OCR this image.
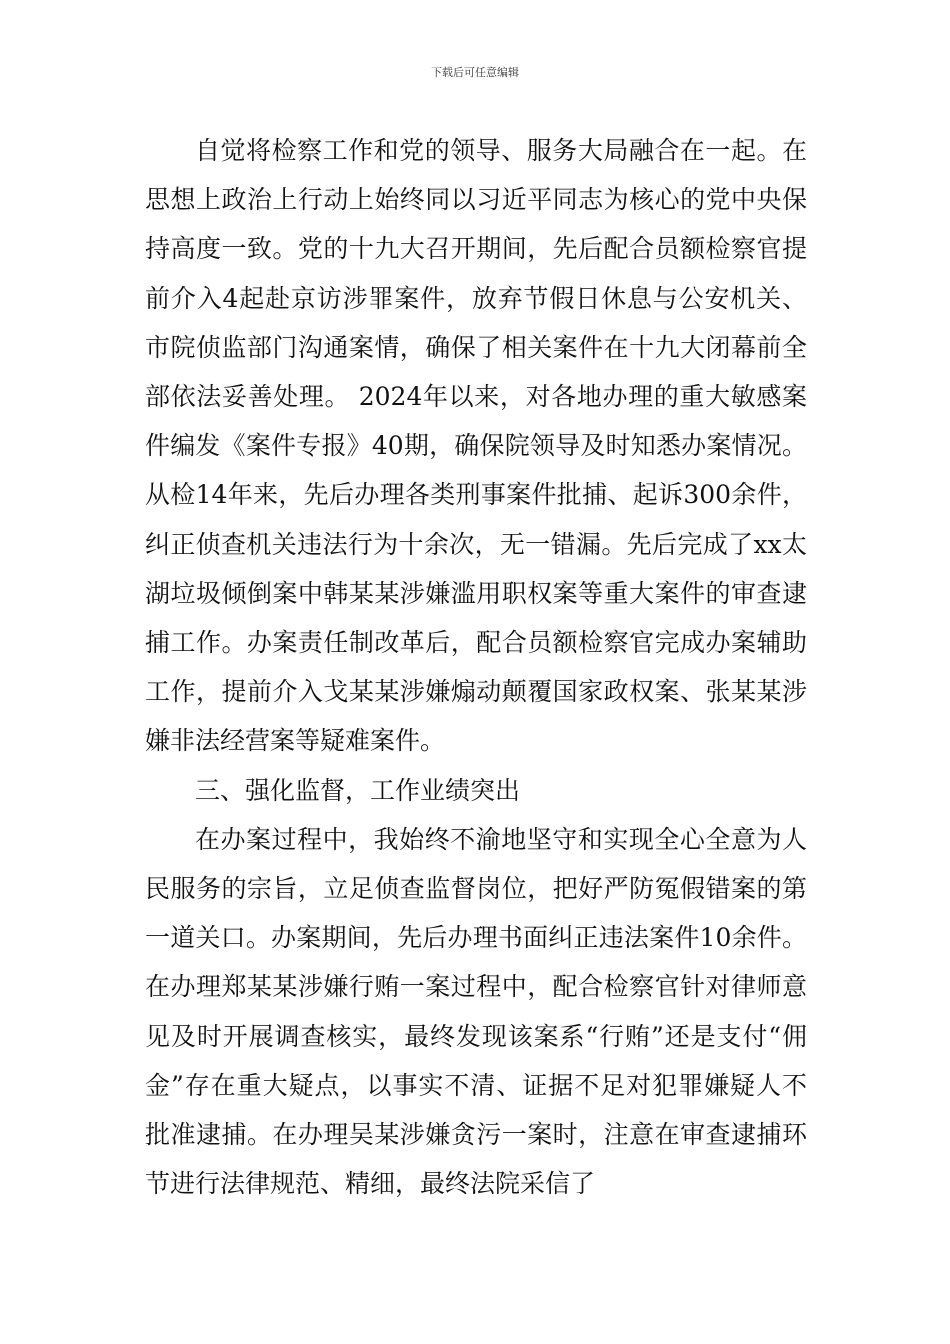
下载后可任意编辑

自觉将检察工作和党的领导、服务大局融合在一起。在思想上政治上行动上始终同以习近平同志为核心的党中央保持高度一致。党的十九大召开期间，先后配合员额检察官提前介入4起赴京访涉罪案件，放弃节假日休息与公安机关、市院侦监部门沟通案情，确保了相关案件在十九大闭幕前全部依法妥善处理。 2024年以来，对各地办理的重大敏感案件编发《案件专报》40期，确保院领导及时知悉办案情况。从检14年来，先后办理各类刑事案件批捕、起诉300余件，纠正侦查机关违法行为十余次，无一错漏。先后完成了xx太湖垃圾倾倒案中韩某某涉嫌滥用职权案等重大案件的审查逮捕工作。办案责任制改革后，配合员额检察官完成办案辅助工作，提前介入戈某某涉嫌煽动颠覆国家政权案、张某某涉嫌非法经营案等疑难案件。

三、强化监督，工作业绩突出

在办案过程中，我始终不渝地坚守和实现全心全意为人民服务的宗旨，立足侦查监督岗位，把好严防冤假错案的第一道关口。办案期间，先后办理书面纠正违法案件10余件。在办理郑某某涉嫌行贿一案过程中，配合检察官针对律师意见及时开展调查核实，最终发现该案系“行贿”还是支付“佣金”存在重大疑点，以事实不清、证据不足对犯罪嫌疑人不批准逮捕。在办理吴某涉嫌贪污一案时，注意在审查逮捕环节进行法律规范、精细，最终法院采信了
